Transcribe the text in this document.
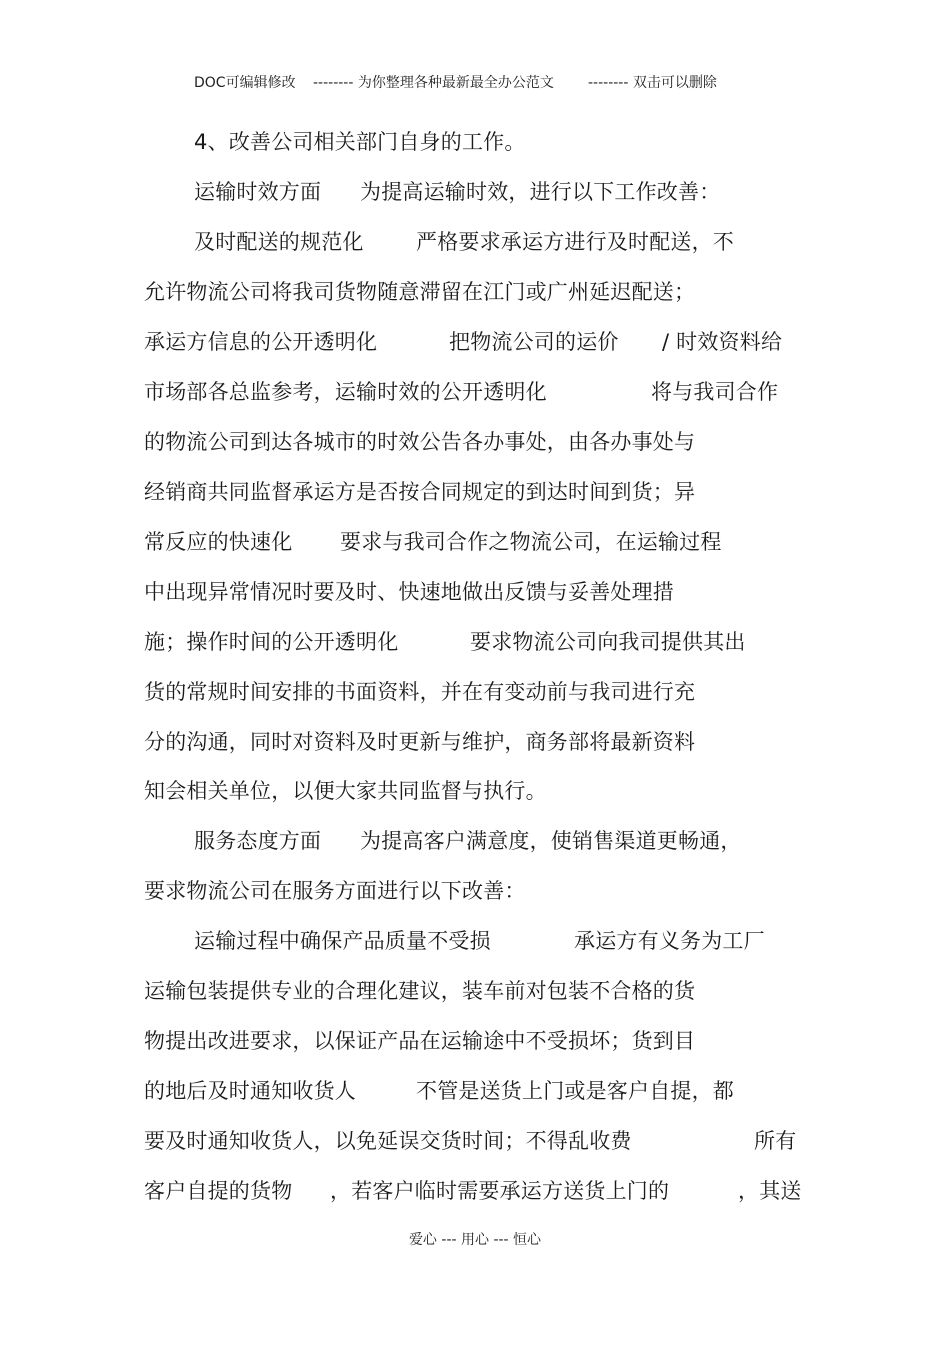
DOC可编辑修改 -------- 为你整理各种最新最全办公范文 -------- 双击可以删除
4、改善公司相关部门自身的工作。
运输时效方面 为提高运输时效，进行以下工作改善：
及时配送的规范化 严格要求承运方进行及时配送，不
允许物流公司将我司货物随意滞留在江门或广州延迟配送；
承运方信息的公开透明化	把物流公司的运价 / 时效资料给
市场部各总监参考，运输时效的公开透明化	将与我司合作
的物流公司到达各城市的时效公告各办事处，由各办事处与
经销商共同监督承运方是否按合同规定的到达时间到货；异
常反应的快速化 要求与我司合作之物流公司，在运输过程
中出现异常情况时要及时、快速地做出反馈与妥善处理措
施；操作时间的公开透明化	要求物流公司向我司提供其出
货的常规时间安排的书面资料，并在有变动前与我司进行充
分的沟通，同时对资料及时更新与维护，商务部将最新资料
知会相关单位，以便大家共同监督与执行。
服务态度方面 为提高客户满意度，使销售渠道更畅通，
要求物流公司在服务方面进行以下改善：
运输过程中确保产品质量不受损	承运方有义务为工厂
运输包装提供专业的合理化建议，装车前对包装不合格的货
物提出改进要求，以保证产品在运输途中不受损坏；货到目
的地后及时通知收货人	不管是送货上门或是客户自提，都
要及时通知收货人，以免延误交货时间；不得乱收费	所有
客户自提的货物 ，若客户临时需要承运方送货上门的	，其送
爱心 --- 用心 --- 恒心
